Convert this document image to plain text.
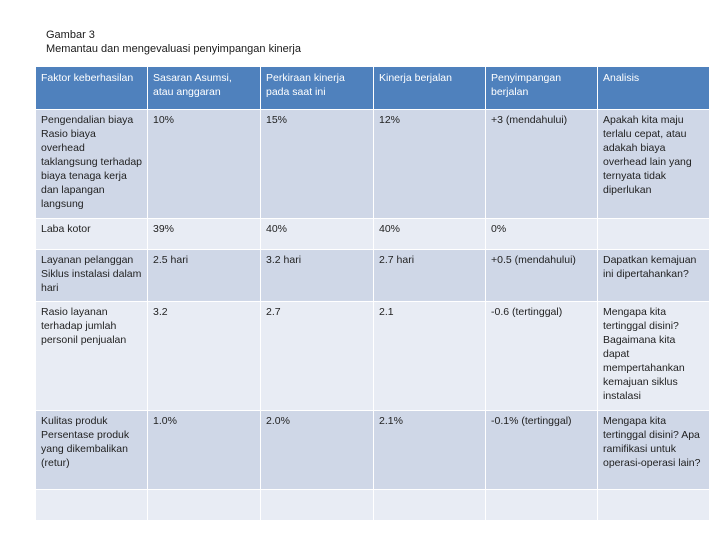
Gambar 3
Memantau dan mengevaluasi penyimpangan kinerja
Faktor keberhasilan	Sasaran Asumsi, atau anggaran	Perkiraan kinerja pada saat ini	Kinerja berjalan	Penyimpangan berjalan	Analisis
Pengendalian biaya Rasio biaya overhead taklangsung terhadap biaya tenaga kerja dan lapangan langsung	10%	15%	12%	+3 (mendahului)	Apakah kita maju terlalu cepat, atau adakah biaya overhead lain yang ternyata tidak diperlukan
Laba kotor	39%	40%	40%	0%	
Layanan pelanggan Siklus instalasi dalam hari	2.5 hari	3.2 hari	2.7 hari	+0.5 (mendahului)	Dapatkan kemajuan ini dipertahankan?
Rasio layanan terhadap jumlah personil penjualan	3.2	2.7	2.1	-0.6 (tertinggal)	Mengapa kita tertinggal disini? Bagaimana kita dapat mempertahankan kemajuan siklus instalasi
Kulitas produk Persentase produk yang dikembalikan (retur)	1.0%	2.0%	2.1%	-0.1% (tertinggal)	Mengapa kita tertinggal disini? Apa ramifikasi untuk operasi-operasi lain?
